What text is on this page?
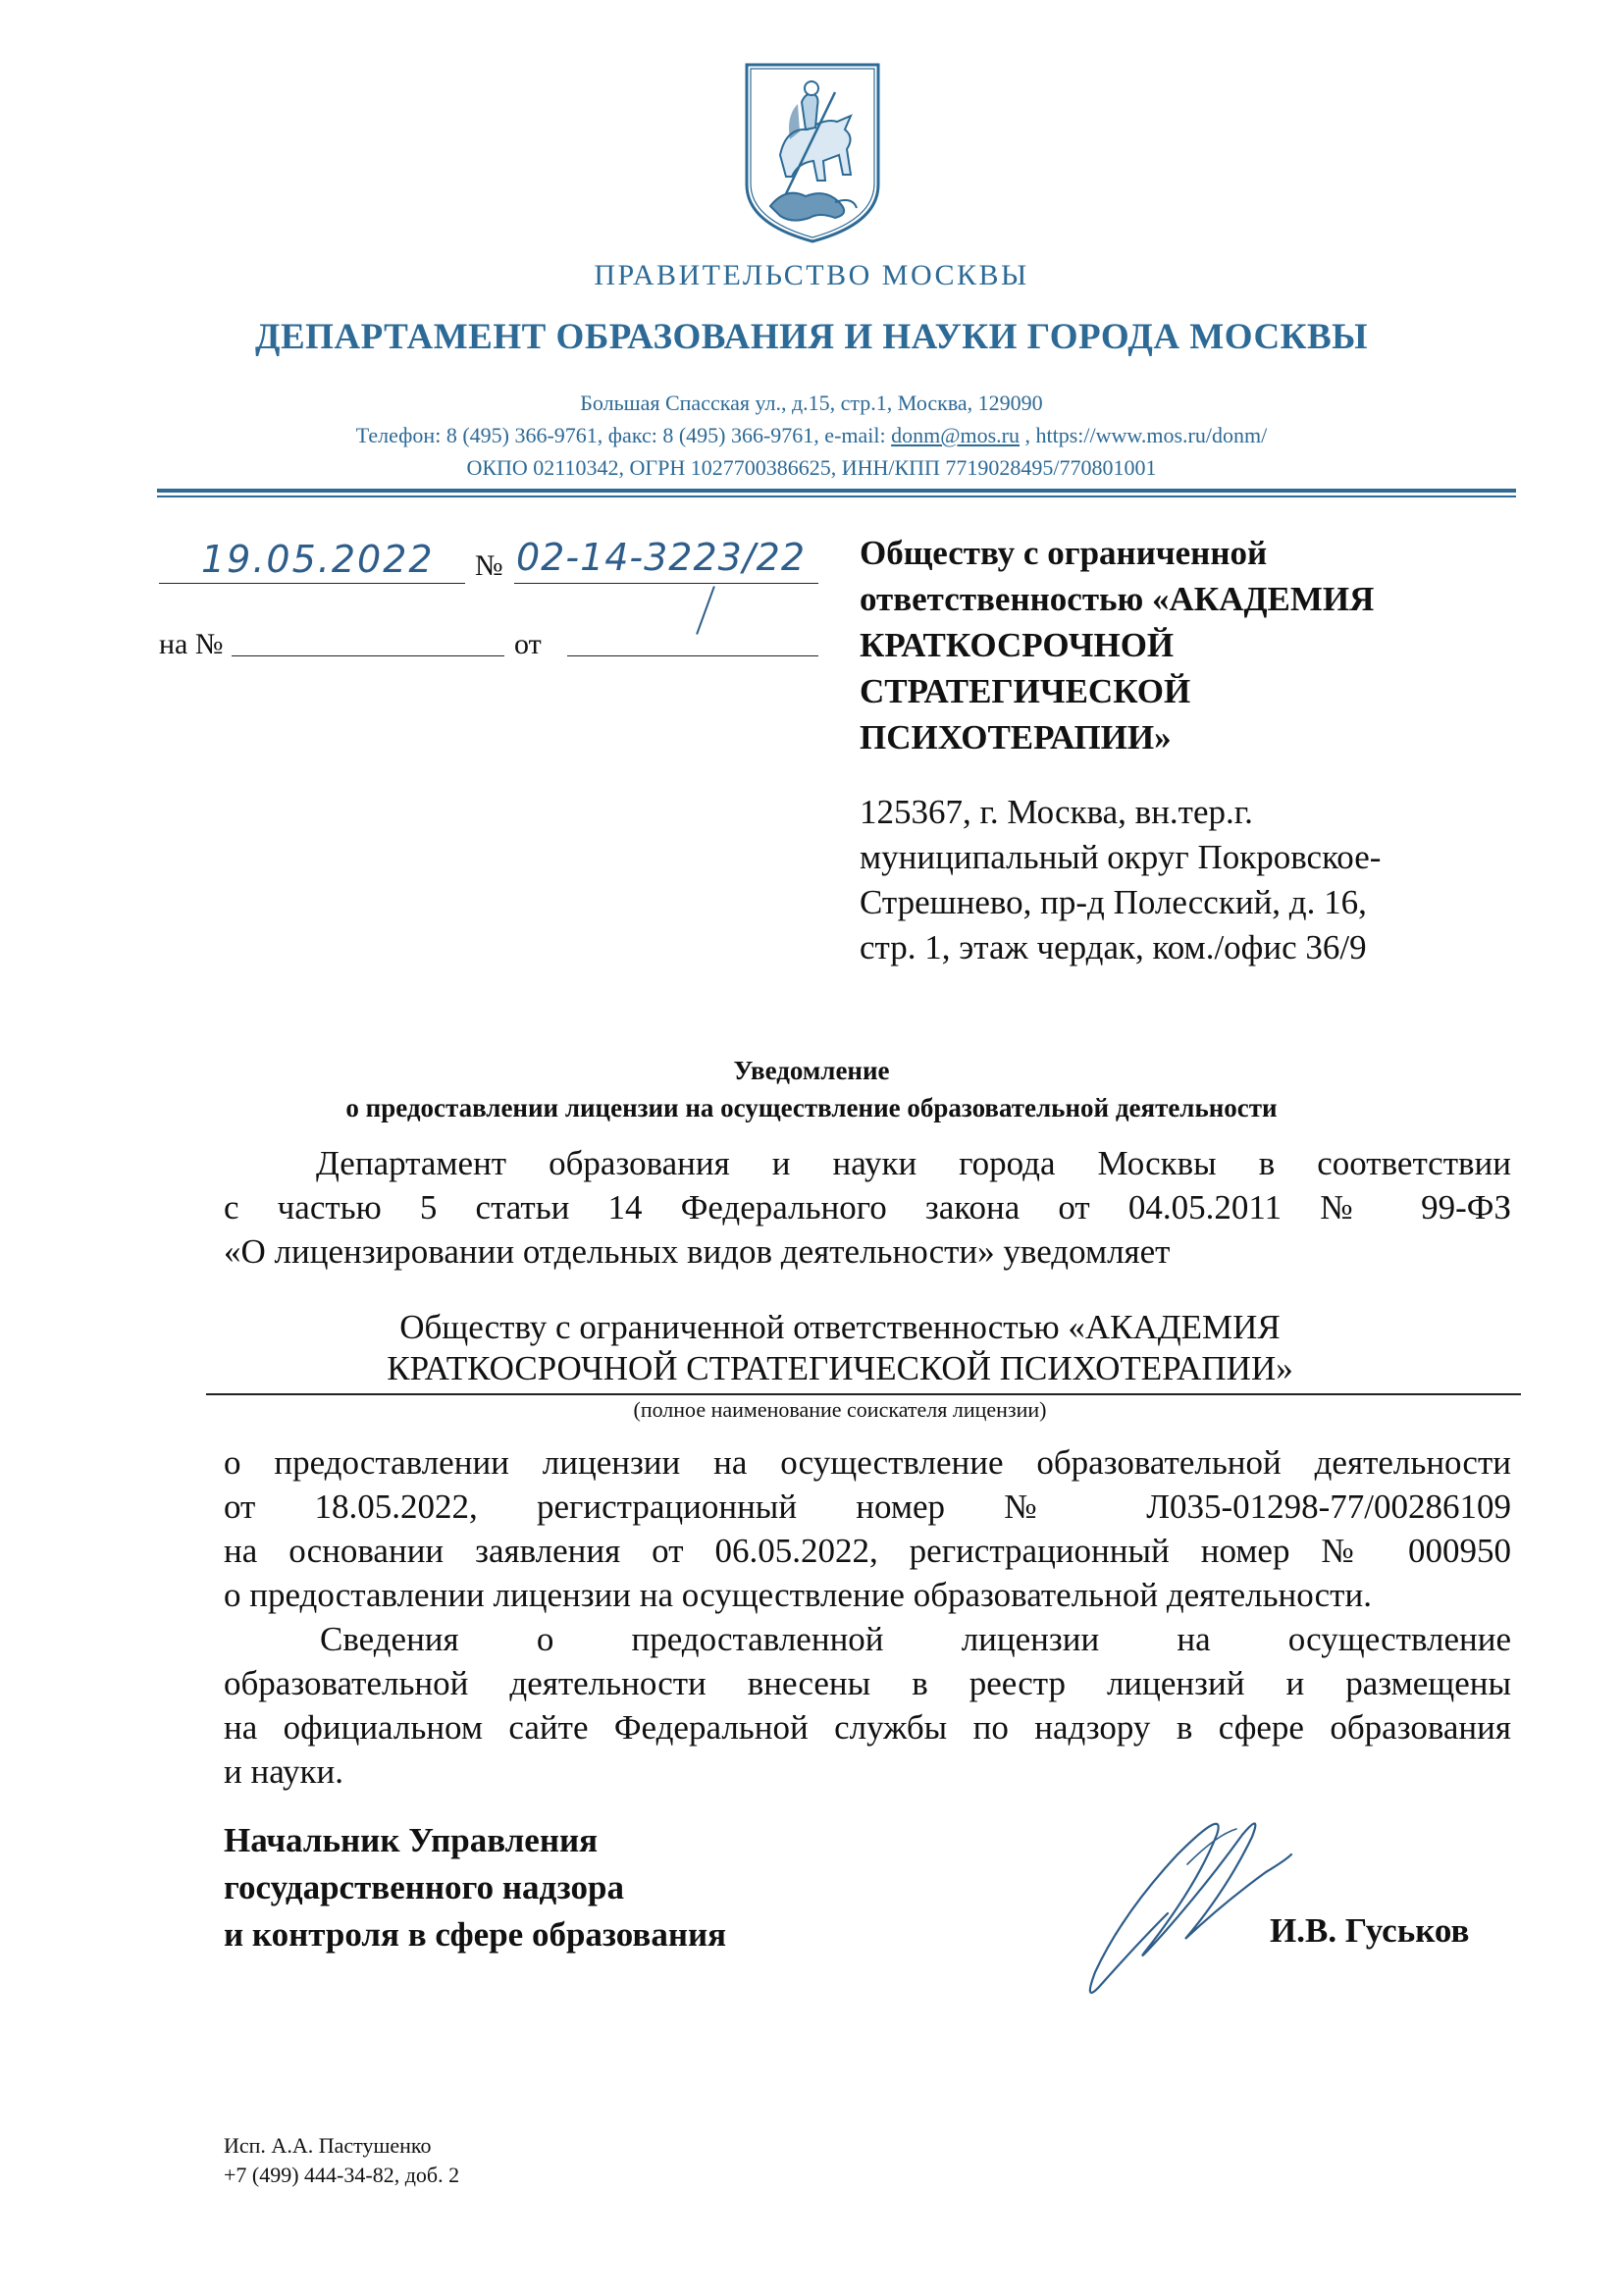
ПРАВИТЕЛЬСТВО МОСКВЫ
ДЕПАРТАМЕНТ ОБРАЗОВАНИЯ И НАУКИ ГОРОДА МОСКВЫ
Большая Спасская ул., д.15, стр.1, Москва, 129090
Телефон: 8 (495) 366-9761, факс: 8 (495) 366-9761, e-mail: donm@mos.ru , https://www.mos.ru/donm/
ОКПО 02110342, ОГРН 1027700386625, ИНН/КПП 7719028495/770801001
19.05.2022 № 02-14-3223/22
на №	от
Обществу с ограниченной
ответственностью «АКАДЕМИЯ
КРАТКОСРОЧНОЙ
СТРАТЕГИЧЕСКОЙ
ПСИХОТЕРАПИИ»
125367, г. Москва, вн.тер.г.
муниципальный округ Покровское-
Стрешнево, пр-д Полесский, д. 16,
стр. 1, этаж чердак, ком./офис 36/9
Уведомление
о предоставлении лицензии на осуществление образовательной деятельности
Департамент образования и науки города Москвы в соответствии
с частью 5 статьи 14 Федерального закона от 04.05.2011 № 99-ФЗ
«О лицензировании отдельных видов деятельности» уведомляет
Обществу с ограниченной ответственностью «АКАДЕМИЯ
КРАТКОСРОЧНОЙ СТРАТЕГИЧЕСКОЙ ПСИХОТЕРАПИИ»
(полное наименование соискателя лицензии)
о предоставлении лицензии на осуществление образовательной деятельности
от 18.05.2022, регистрационный номер № Л035-01298-77/00286109
на основании заявления от 06.05.2022, регистрационный номер № 000950
о предоставлении лицензии на осуществление образовательной деятельности.
Сведения о предоставленной лицензии на осуществление
образовательной деятельности внесены в реестр лицензий и размещены
на официальном сайте Федеральной службы по надзору в сфере образования
и науки.
Начальник Управления
государственного надзора
и контроля в сфере образования	И.В. Гуськов
Исп. А.А. Пастушенко
+7 (499) 444-34-82, доб. 2
